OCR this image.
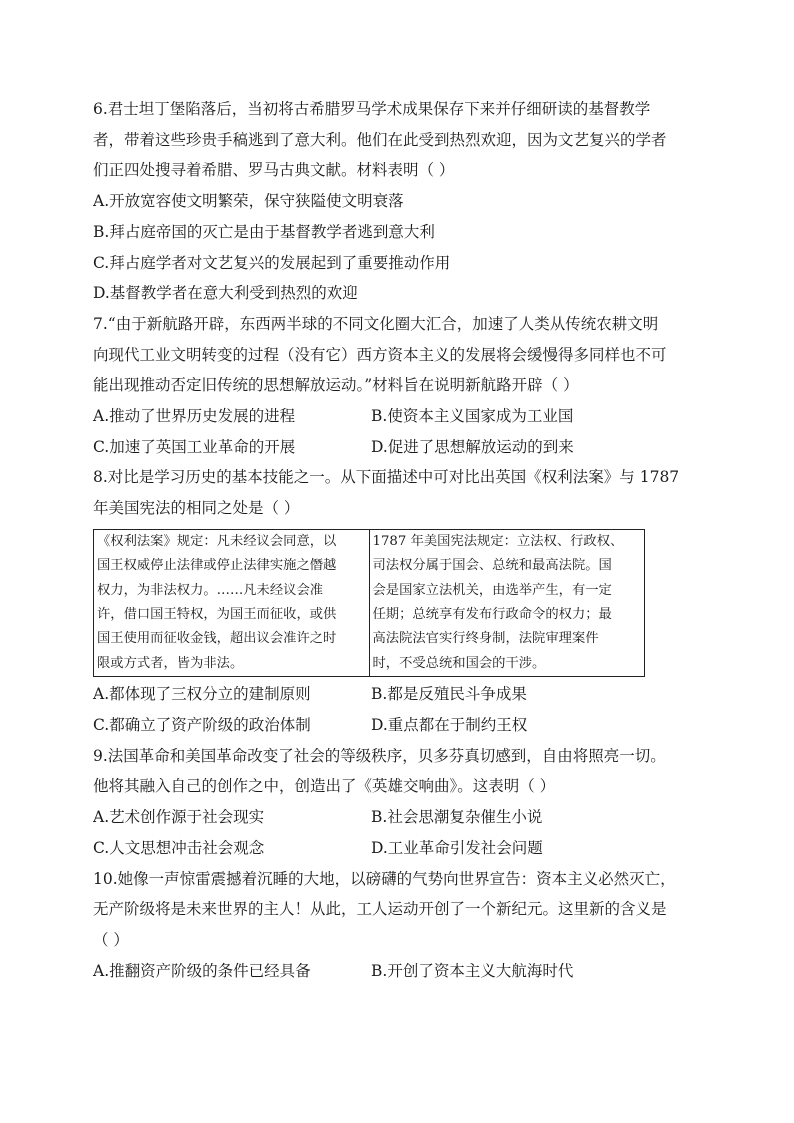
6.君士坦丁堡陷落后，当初将古希腊罗马学术成果保存下来并仔细研读的基督教学
者，带着这些珍贵手稿逃到了意大利。他们在此受到热烈欢迎，因为文艺复兴的学者
们正四处搜寻着希腊、罗马古典文献。材料表明（ ）
A.开放宽容使文明繁荣，保守狭隘使文明衰落
B.拜占庭帝国的灭亡是由于基督教学者逃到意大利
C.拜占庭学者对文艺复兴的发展起到了重要推动作用
D.基督教学者在意大利受到热烈的欢迎
7.“由于新航路开辟，东西两半球的不同文化圈大汇合，加速了人类从传统农耕文明
向现代工业文明转变的过程（没有它）西方资本主义的发展将会缓慢得多同样也不可
能出现推动否定旧传统的思想解放运动。”材料旨在说明新航路开辟（ ）
A.推动了世界历史发展的进程	B.使资本主义国家成为工业国
C.加速了英国工业革命的开展	D.促进了思想解放运动的到来
8.对比是学习历史的基本技能之一。从下面描述中可对比出英国《权利法案》与 1787
年美国宪法的相同之处是（ ）
《权利法案》规定：凡未经议会同意，以
国王权威停止法律或停止法律实施之僭越
权力，为非法权力。……凡未经议会准
许，借口国王特权，为国王而征收，或供
国王使用而征收金钱，超出议会准许之时
限或方式者，皆为非法。

1787 年美国宪法规定：立法权、行政权、
司法权分属于国会、总统和最高法院。国
会是国家立法机关，由选举产生，有一定
任期；总统享有发布行政命令的权力；最
高法院法官实行终身制，法院审理案件
时，不受总统和国会的干涉。
A.都体现了三权分立的建制原则	B.都是反殖民斗争成果
C.都确立了资产阶级的政治体制	D.重点都在于制约王权
9.法国革命和美国革命改变了社会的等级秩序，贝多芬真切感到，自由将照亮一切。
他将其融入自己的创作之中，创造出了《英雄交响曲》。这表明（ ）
A.艺术创作源于社会现实	B.社会思潮复杂催生小说
C.人文思想冲击社会观念	D.工业革命引发社会问题
10.她像一声惊雷震撼着沉睡的大地，以磅礴的气势向世界宣告：资本主义必然灭亡，
无产阶级将是未来世界的主人！从此，工人运动开创了一个新纪元。这里新的含义是
（ ）
A.推翻资产阶级的条件已经具备	B.开创了资本主义大航海时代
